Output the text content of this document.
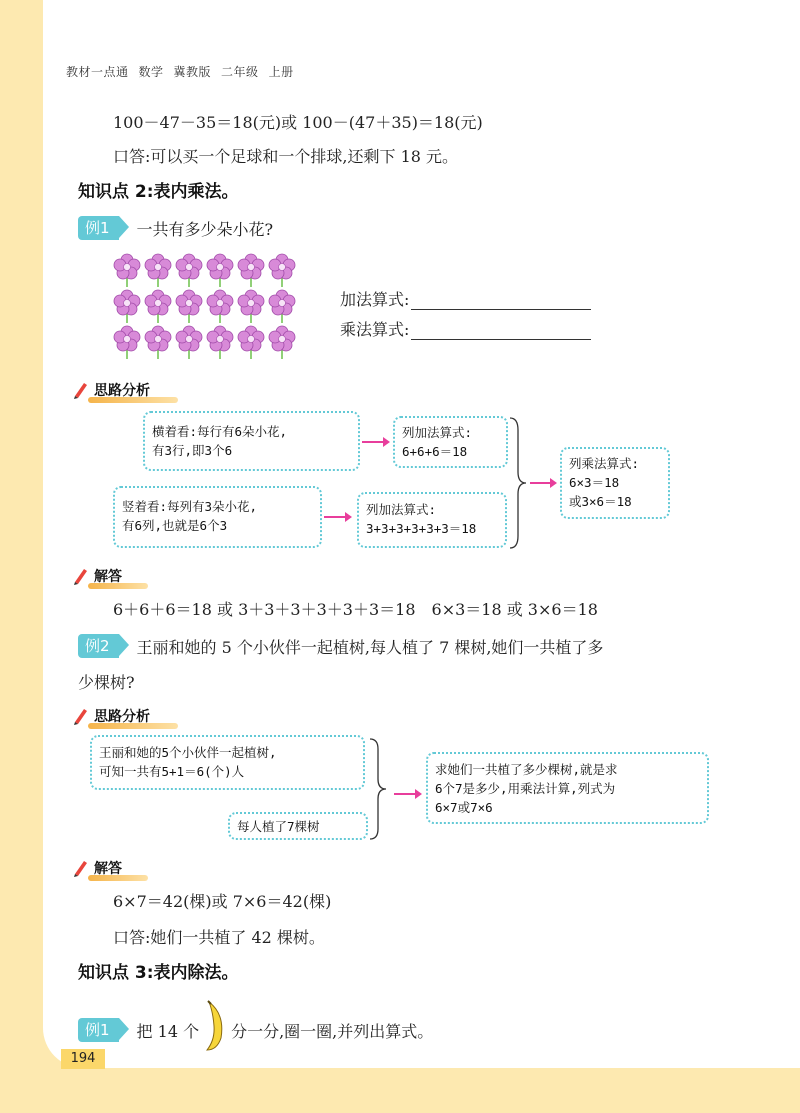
教材一点通 数学 冀教版 二年级 上册
100－47－35＝18(元)或 100－(47＋35)＝18(元)
口答:可以买一个足球和一个排球,还剩下 18 元。
知识点 2:表内乘法。
例1	一共有多少朵小花?
加法算式:
乘法算式:
思路分析
横着看:每行有6朵小花,
有3行,即3个6
列加法算式:
6+6+6＝18
竖着看:每列有3朵小花,
有6列,也就是6个3
列加法算式:
3+3+3+3+3+3＝18
列乘法算式:
6×3＝18
或3×6＝18
解答
6＋6＋6＝18 或 3＋3＋3＋3＋3＋3＝18　6×3＝18 或 3×6＝18
例2	王丽和她的 5 个小伙伴一起植树,每人植了 7 棵树,她们一共植了多
少棵树?
思路分析
王丽和她的5个小伙伴一起植树,
可知一共有5+1＝6(个)人
每人植了7棵树
求她们一共植了多少棵树,就是求
6个7是多少,用乘法计算,列式为
6×7或7×6
解答
6×7＝42(棵)或 7×6＝42(棵)
口答:她们一共植了 42 棵树。
知识点 3:表内除法。
例1	把 14 个 分一分,圈一圈,并列出算式。
194
